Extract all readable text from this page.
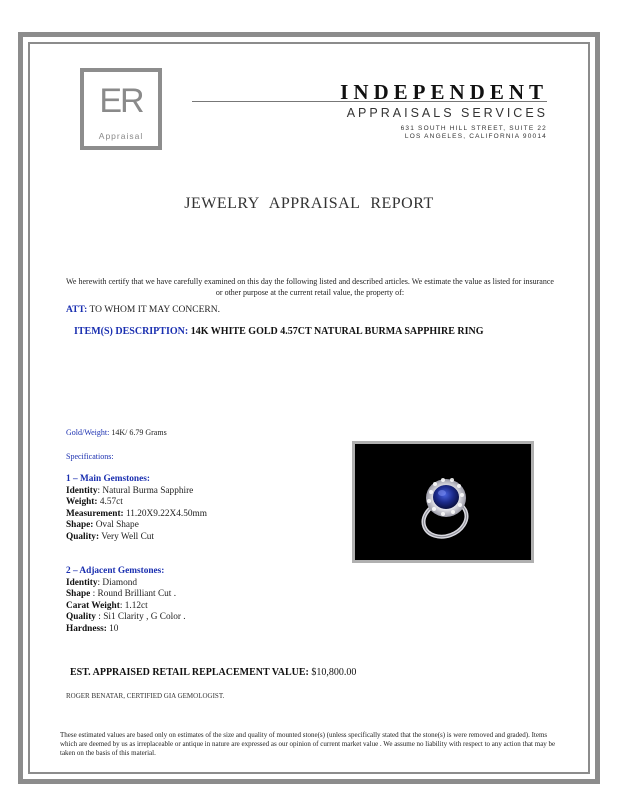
ER
Appraisal
INDEPENDENT
APPRAISALS SERVICES
631 SOUTH HILL STREET, SUITE 22
LOS ANGELES, CALIFORNIA 90014
JEWELRY APPRAISAL REPORT
We herewith certify that we have carefully examined on this day the following listed and described articles. We estimate the value as listed for insurance or other purpose at the current retail value, the property of:
ATT: TO WHOM IT MAY CONCERN.
ITEM(S) DESCRIPTION: 14K WHITE GOLD 4.57CT NATURAL BURMA SAPPHIRE RING
Gold/Weight: 14K/ 6.79 Grams
Specifications:
1 – Main Gemstones:
Identity: Natural Burma Sapphire
Weight: 4.57ct
Measurement: 11.20X9.22X4.50mm
Shape: Oval Shape
Quality: Very Well Cut
2 – Adjacent Gemstones:
Identity: Diamond
Shape : Round Brilliant Cut .
Carat Weight: 1.12ct
Quality : Si1 Clarity , G Color .
Hardness: 10
EST. APPRAISED RETAIL REPLACEMENT VALUE: $10,800.00
ROGER BENATAR, CERTIFIED GIA GEMOLOGIST.
These estimated values are based only on estimates of the size and quality of mounted stone(s) (unless specifically stated that the stone(s) is were removed and graded). Items which are deemed by us as irreplaceable or antique in nature are expressed as our opinion of current market value . We assume no liability with respect to any action that may be taken on the basis of this material.
